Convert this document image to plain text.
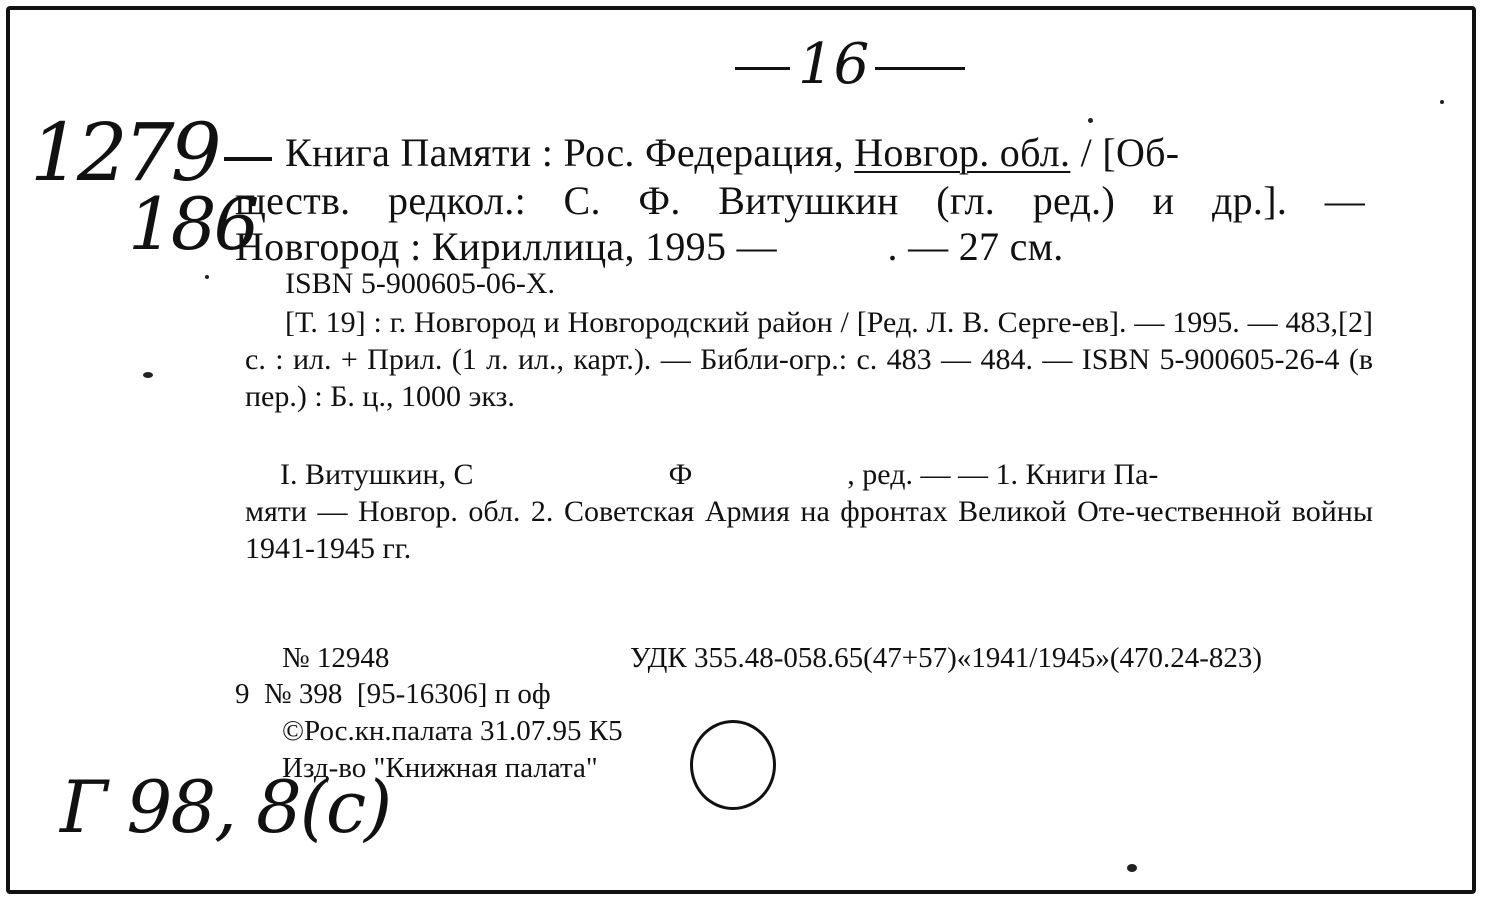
16
1279
186
Книга Памяти : Рос. Федерация, Новгор. обл. / [Об-
ществ. редкол.: С. Ф. Витушкин (гл. ред.) и др.]. —
Новгород : Кириллица, 1995 —	. — 27 см.
ISBN 5-900605-06-X.
[Т. 19] : г. Новгород и Новгородский район / [Ред. Л. В. Серге-ев]. — 1995. — 483,[2] с. : ил. + Прил. (1 л. ил., карт.). — Библи-огр.: с. 483 — 484. — ISBN 5-900605-26-4 (в пер.) : Б. ц., 1000 экз.
I. Витушкин, С	Ф	, ред. — — 1. Книги Па-
мяти — Новгор. обл. 2. Советская Армия на фронтах Великой Оте-чественной войны 1941-1945 гг.
№ 12948	УДК 355.48-058.65(47+57)«1941/1945»(470.24-823)
9  № 398  [95-16306] п оф
©Рос.кн.палата 31.07.95 К5
Изд-во "Книжная палата"
Г 98, 8(с)
